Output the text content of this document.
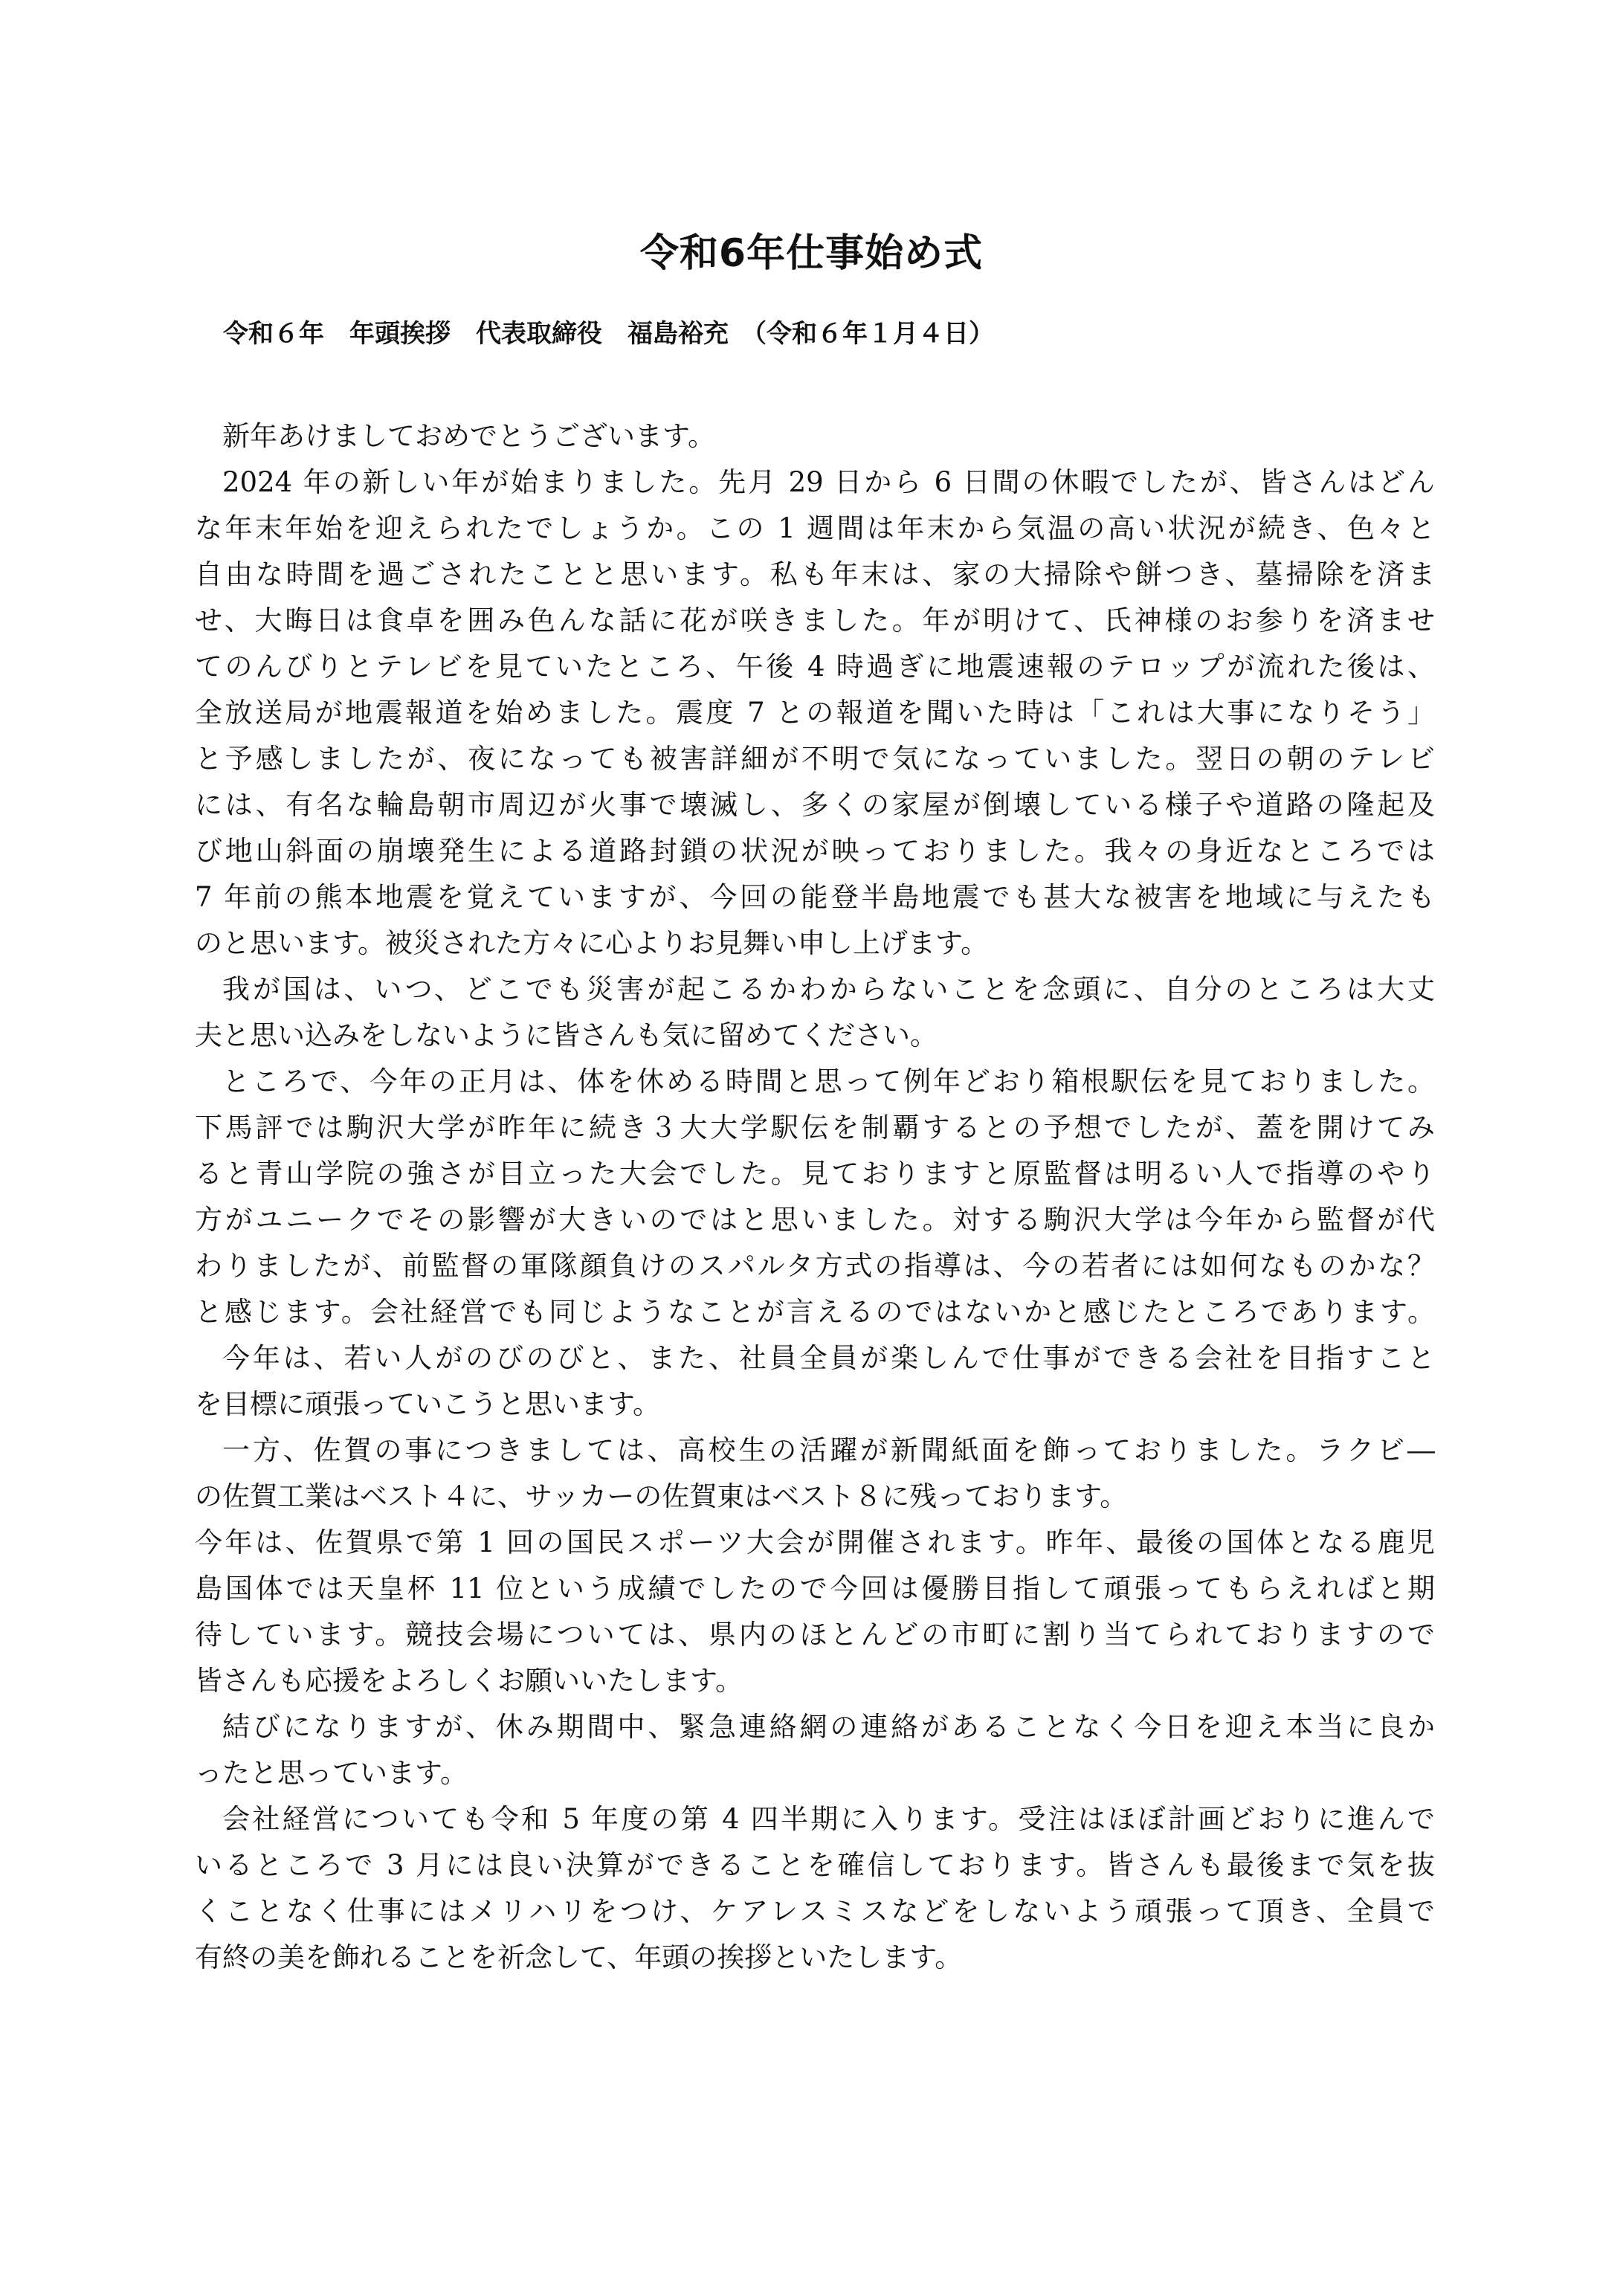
令和6年仕事始め式
令和６年　年頭挨拶　代表取締役　福島裕充　（令和６年１月４日）
新年あけましておめでとうございます。
2024 年の新しい年が始まりました。先月 29 日から 6 日間の休暇でしたが、皆さんはどん
な年末年始を迎えられたでしょうか。この 1 週間は年末から気温の高い状況が続き、色々と
自由な時間を過ごされたことと思います。私も年末は、家の大掃除や餅つき、墓掃除を済ま
せ、大晦日は食卓を囲み色んな話に花が咲きました。年が明けて、氏神様のお参りを済ませ
てのんびりとテレビを見ていたところ、午後 4 時過ぎに地震速報のテロップが流れた後は、
全放送局が地震報道を始めました。震度 7 との報道を聞いた時は「これは大事になりそう」
と予感しましたが、夜になっても被害詳細が不明で気になっていました。翌日の朝のテレビ
には、有名な輪島朝市周辺が火事で壊滅し、多くの家屋が倒壊している様子や道路の隆起及
び地山斜面の崩壊発生による道路封鎖の状況が映っておりました。我々の身近なところでは
7 年前の熊本地震を覚えていますが、今回の能登半島地震でも甚大な被害を地域に与えたも
のと思います。被災された方々に心よりお見舞い申し上げます。
我が国は、いつ、どこでも災害が起こるかわからないことを念頭に、自分のところは大丈
夫と思い込みをしないように皆さんも気に留めてください。
ところで、今年の正月は、体を休める時間と思って例年どおり箱根駅伝を見ておりました。
下馬評では駒沢大学が昨年に続き３大大学駅伝を制覇するとの予想でしたが、蓋を開けてみ
ると青山学院の強さが目立った大会でした。見ておりますと原監督は明るい人で指導のやり
方がユニークでその影響が大きいのではと思いました。対する駒沢大学は今年から監督が代
わりましたが、前監督の軍隊顔負けのスパルタ方式の指導は、今の若者には如何なものかな？
と感じます。会社経営でも同じようなことが言えるのではないかと感じたところであります。
今年は、若い人がのびのびと、また、社員全員が楽しんで仕事ができる会社を目指すこと
を目標に頑張っていこうと思います。
一方、佐賀の事につきましては、高校生の活躍が新聞紙面を飾っておりました。ラクビ―
の佐賀工業はベスト４に、サッカーの佐賀東はベスト８に残っております。
今年は、佐賀県で第 1 回の国民スポーツ大会が開催されます。昨年、最後の国体となる鹿児
島国体では天皇杯 11 位という成績でしたので今回は優勝目指して頑張ってもらえればと期
待しています。競技会場については、県内のほとんどの市町に割り当てられておりますので
皆さんも応援をよろしくお願いいたします。
結びになりますが、休み期間中、緊急連絡網の連絡があることなく今日を迎え本当に良か
ったと思っています。
会社経営についても令和 5 年度の第 4 四半期に入ります。受注はほぼ計画どおりに進んで
いるところで 3 月には良い決算ができることを確信しております。皆さんも最後まで気を抜
くことなく仕事にはメリハリをつけ、ケアレスミスなどをしないよう頑張って頂き、全員で
有終の美を飾れることを祈念して、年頭の挨拶といたします。
